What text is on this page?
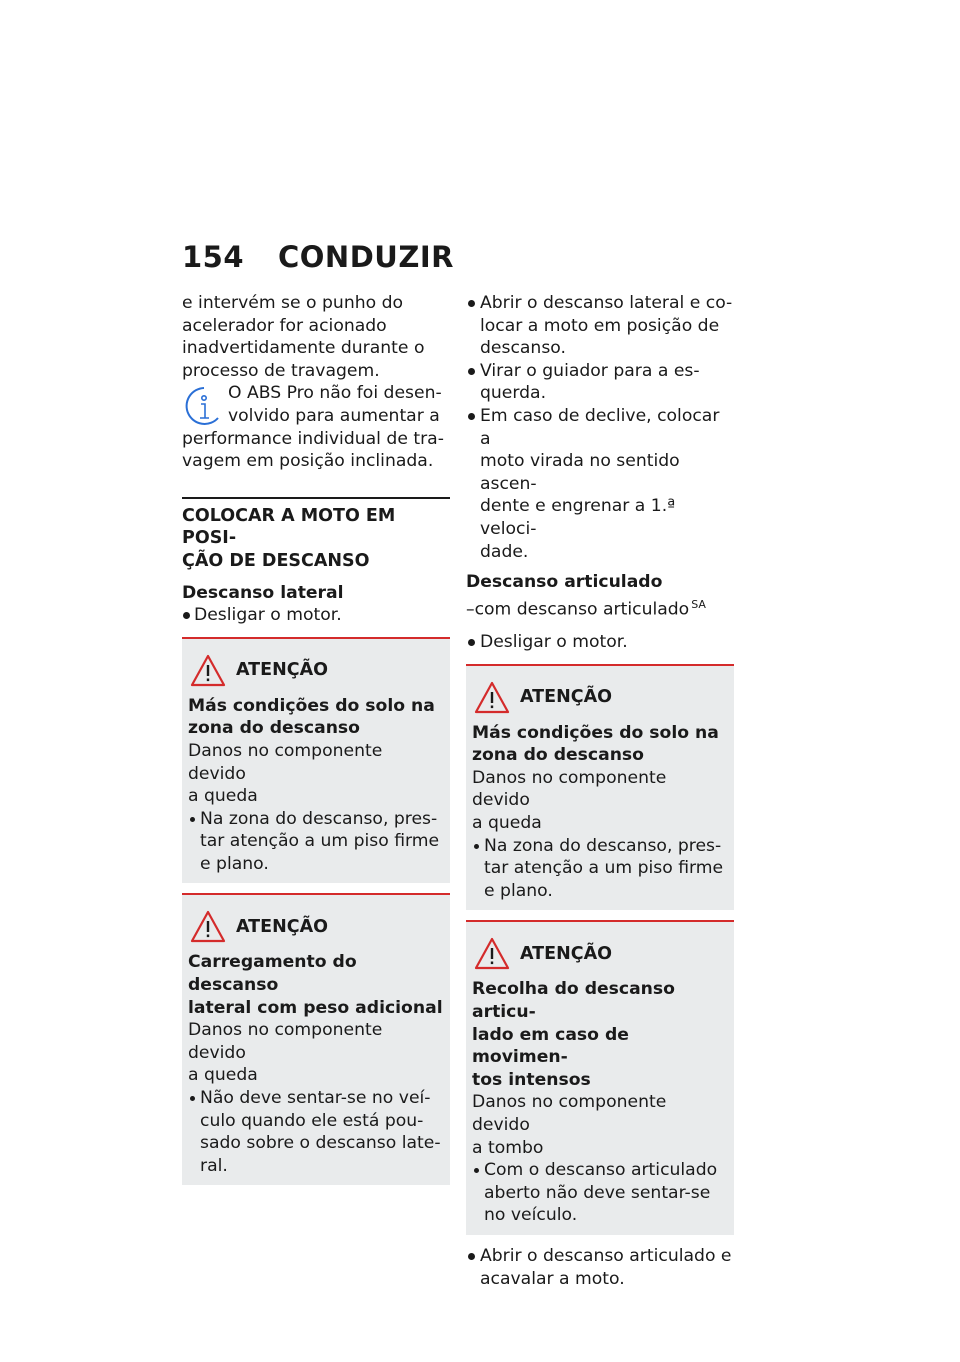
154 CONDUZIR

e intervém se o punho do

acelerador for acionado

inadvertidamente durante o

processo de travagem.

O ABS Pro não foi desen-

volvido para aumentar a

performance individual de tra-

vagem em posição inclinada.

COLOCAR A MOTO EM POSI-

ÇÃO DE DESCANSO

Descanso lateral

Desligar o motor.

ATENÇÃO

Más condições do solo na

zona do descanso

Danos no componente devido

a queda

Na zona do descanso, pres-

tar atenção a um piso firme

e plano.

ATENÇÃO

Carregamento do descanso

lateral com peso adicional

Danos no componente devido

a queda

Não deve sentar-se no veí-

culo quando ele está pou-

sado sobre o descanso late-

ral.

Abrir o descanso lateral e co-

locar a moto em posição de

descanso.

Virar o guiador para a es-

querda.

Em caso de declive, colocar a

moto virada no sentido ascen-

dente e engrenar a 1.ª veloci-

dade.

Descanso articulado

–com descanso articulado $^{SA}$

Desligar o motor.

ATENÇÃO

Más condições do solo na

zona do descanso

Danos no componente devido

a queda

Na zona do descanso, pres-

tar atenção a um piso firme

e plano.

ATENÇÃO

Recolha do descanso articu-

lado em caso de movimen-

tos intensos

Danos no componente devido

a tombo

Com o descanso articulado

aberto não deve sentar-se

no veículo.

Abrir o descanso articulado e

acavalar a moto.
